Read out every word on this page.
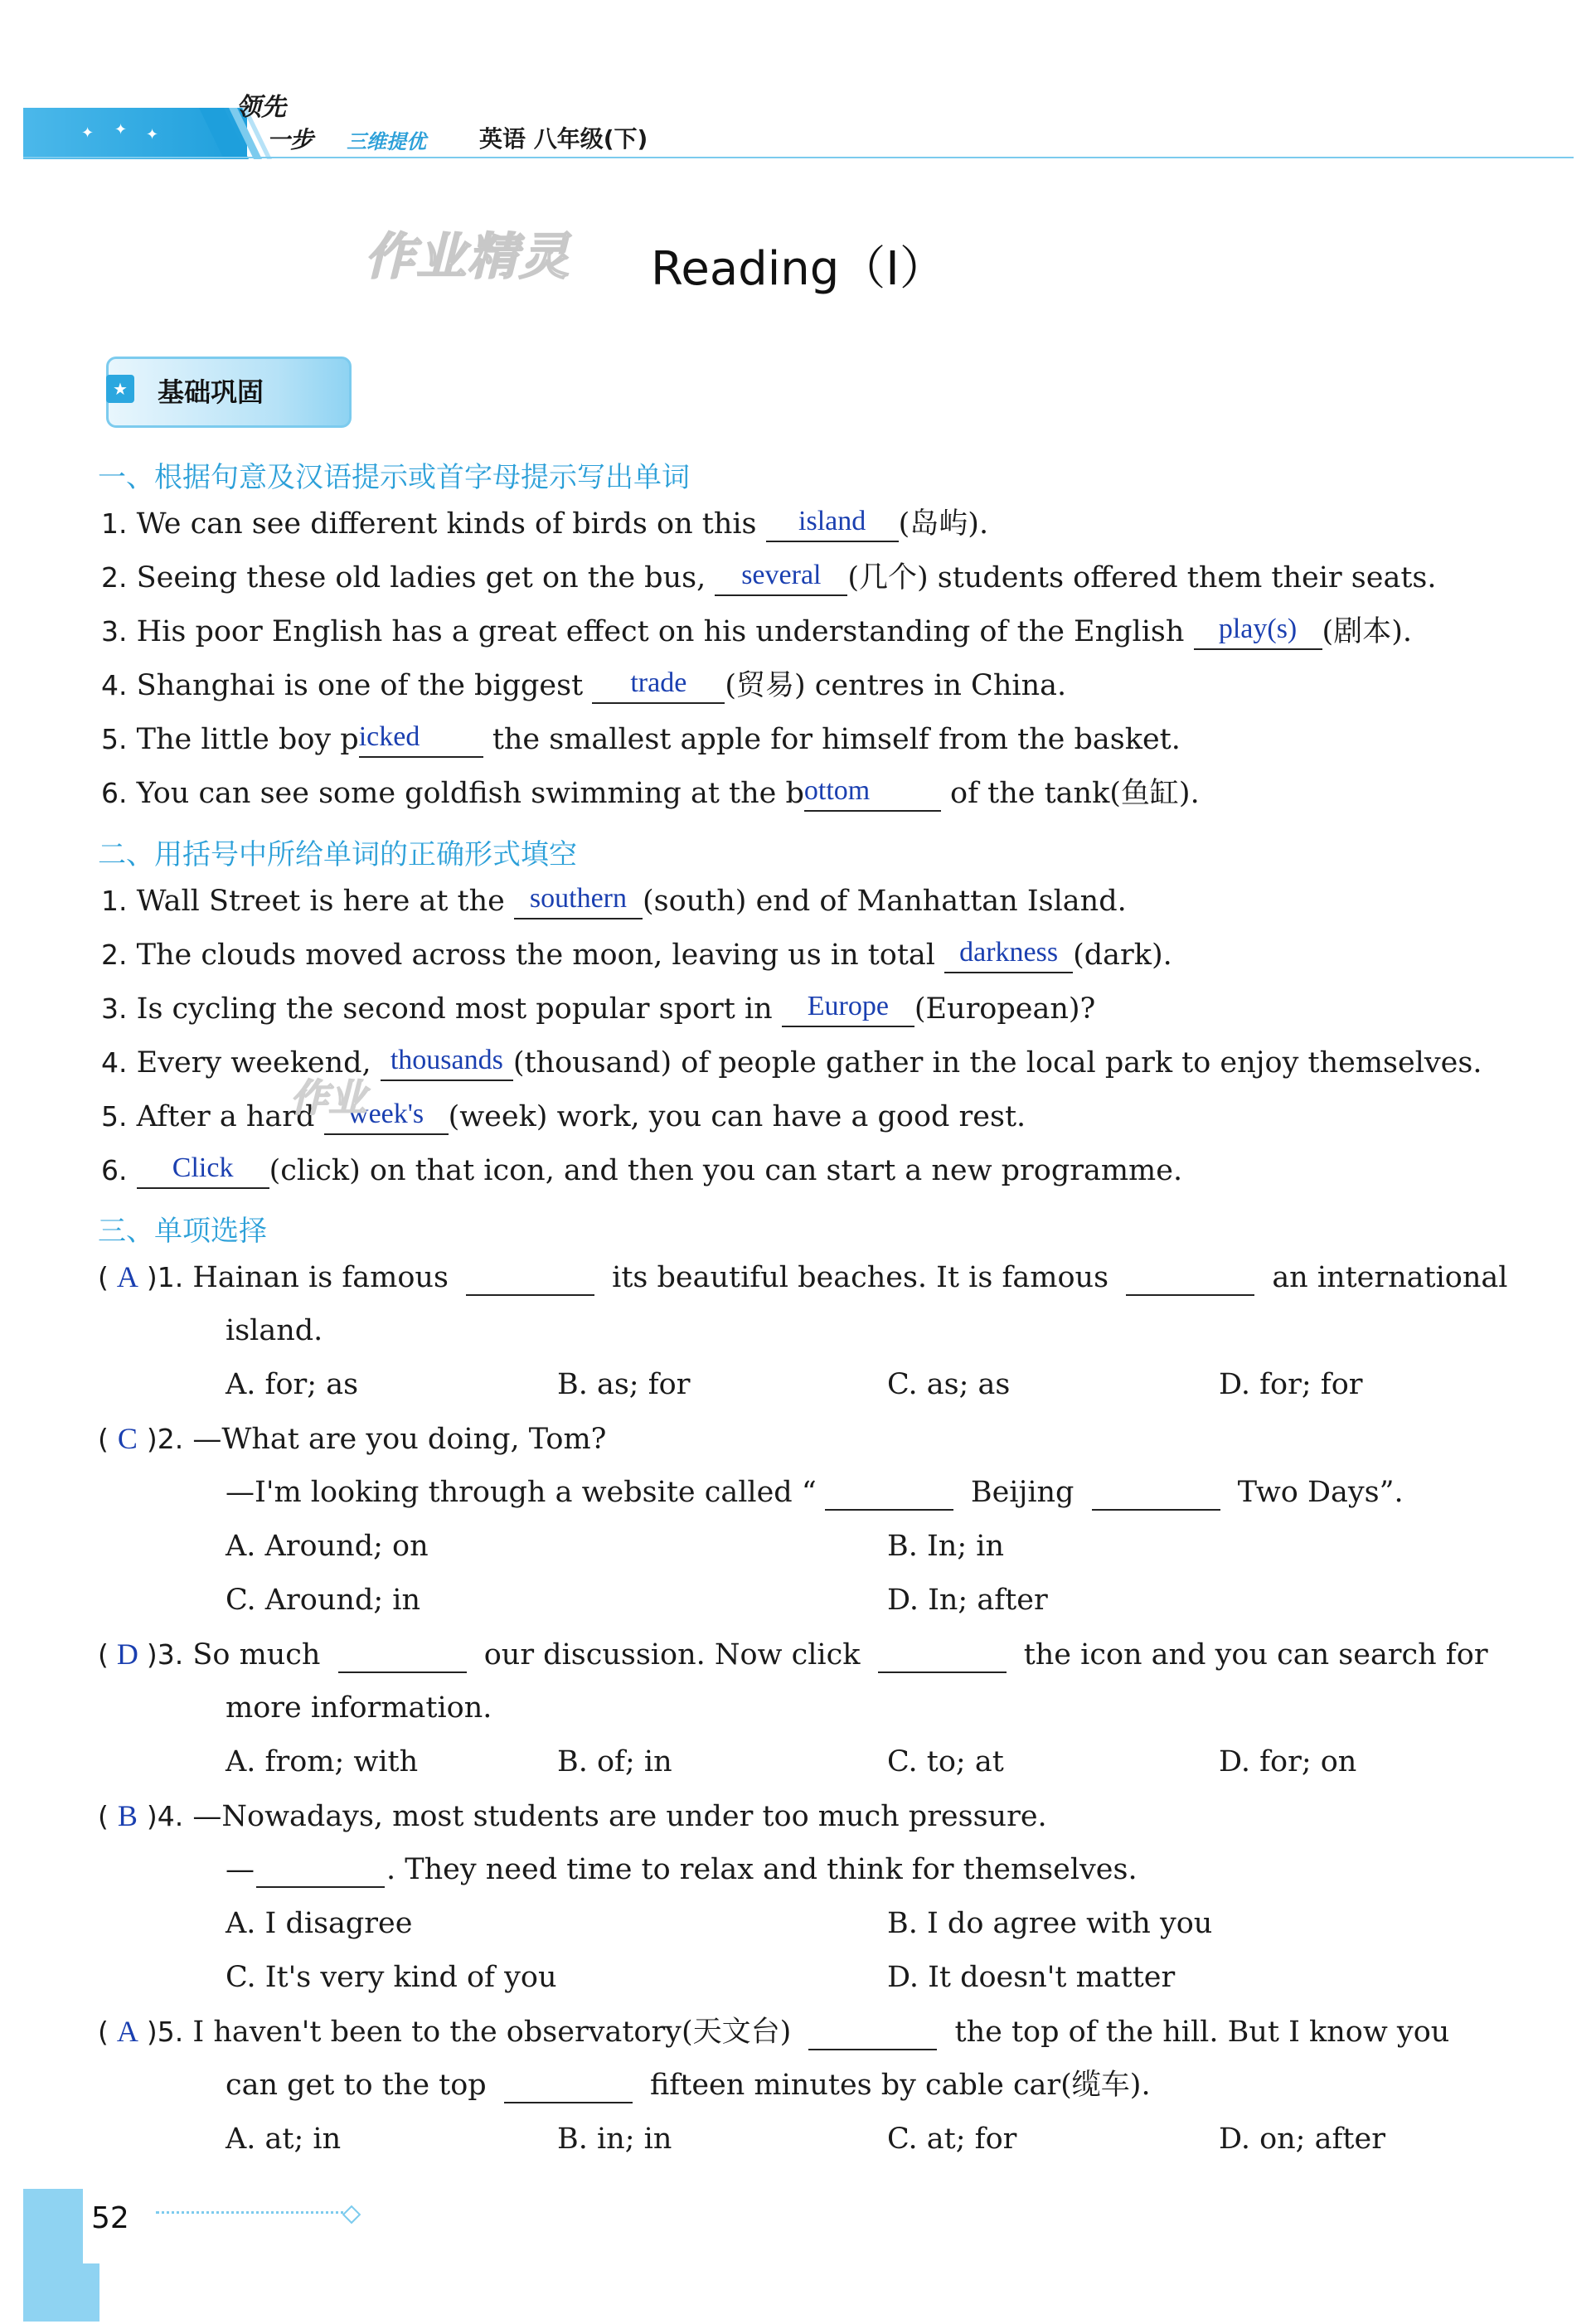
✦ ✦ ✦
领先
一步 三维提优 英语 八年级(下)
作业精灵 Reading（Ⅰ）
★ 基础巩固
一、根据句意及汉语提示或首字母提示写出单词
1. We can see different kinds of birds on this island (岛屿).
2. Seeing these old ladies get on the bus, several (几个) students offered them their seats.
3. His poor English has a great effect on his understanding of the English play(s) (剧本).
4. Shanghai is one of the biggest trade (贸易) centres in China.
5. The little boy picked the smallest apple for himself from the basket.
6. You can see some goldfish swimming at the bottom of the tank(鱼缸).
二、用括号中所给单词的正确形式填空
1. Wall Street is here at the southern (south) end of Manhattan Island.
2. The clouds moved across the moon, leaving us in total darkness (dark).
3. Is cycling the second most popular sport in Europe (European)?
4. Every weekend, thousands (thousand) of people gather in the local park to enjoy themselves.
5. After a hard week's (week) work, you can have a good rest.
6. Click (click) on that icon, and then you can start a new programme.
作业
三、单项选择
( A )1. Hainan is famous	its beautiful beaches. It is famous	an international
island.
A. for; as	B. as; for	C. as; as	D. for; for
( C )2. —What are you doing, Tom?
—I'm looking through a website called “	Beijing	Two Days”.
A. Around; on	B. In; in
C. Around; in	D. In; after
( D )3. So much	our discussion. Now click	the icon and you can search for
more information.
A. from; with	B. of; in	C. to; at	D. for; on
( B )4. —Nowadays, most students are under too much pressure.
—	. They need time to relax and think for themselves.
A. I disagree	B. I do agree with you
C. It's very kind of you	D. It doesn't matter
( A )5. I haven't been to the observatory(天文台)	the top of the hill. But I know you
can get to the top	fifteen minutes by cable car(缆车).
A. at; in	B. in; in	C. at; for	D. on; after
52
